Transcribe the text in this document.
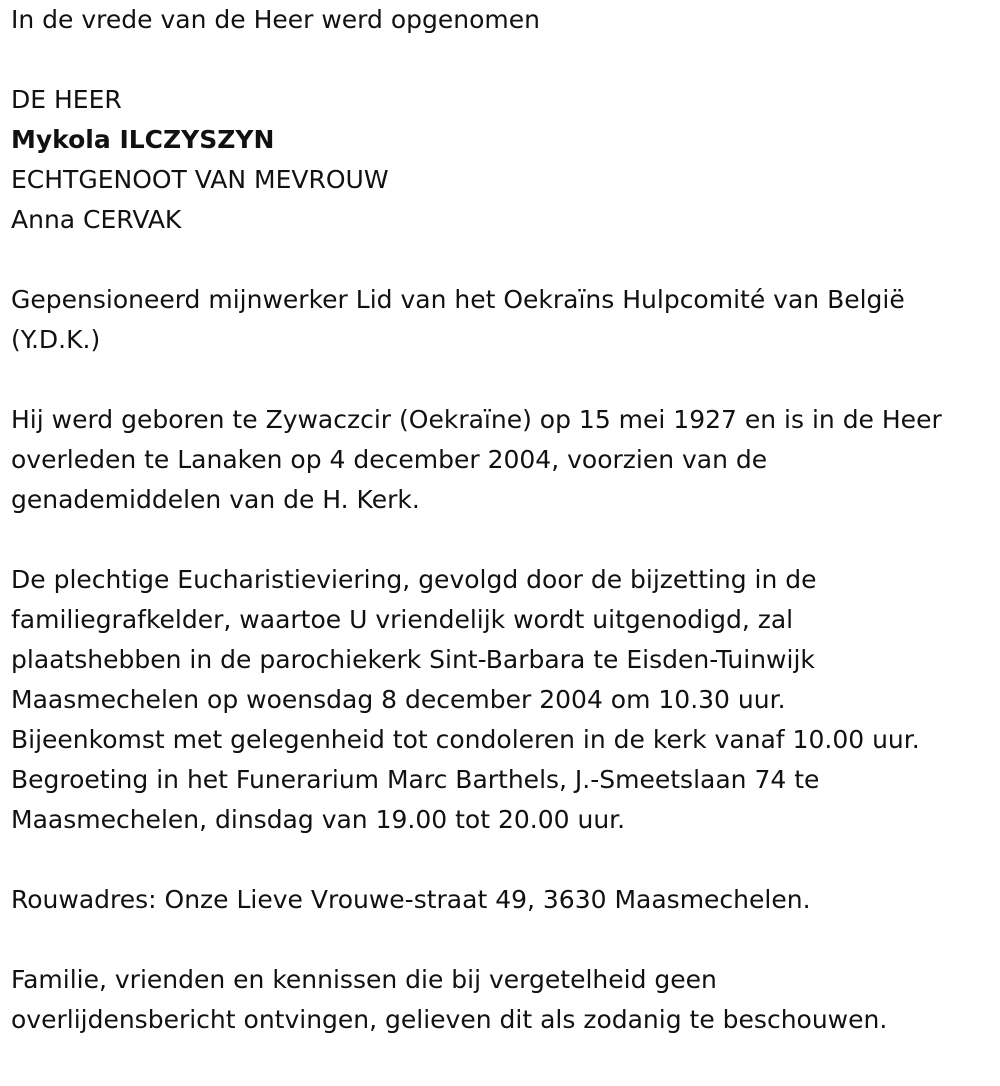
In de vrede van de Heer werd opgenomen

DE HEER

Mykola ILCZYSZYN

ECHTGENOOT VAN MEVROUW

Anna CERVAK

Gepensioneerd mijnwerker Lid van het Oekraïns Hulpcomité van België

(Y.D.K.)

Hij werd geboren te Zywaczcir (Oekraïne) op 15 mei 1927 en is in de Heer

overleden te Lanaken op 4 december 2004, voorzien van de

genademiddelen van de H. Kerk.

De plechtige Eucharistieviering, gevolgd door de bijzetting in de

familiegrafkelder, waartoe U vriendelijk wordt uitgenodigd, zal

plaatshebben in de parochiekerk Sint-Barbara te Eisden-Tuinwijk

Maasmechelen op woensdag 8 december 2004 om 10.30 uur.

Bijeenkomst met gelegenheid tot condoleren in de kerk vanaf 10.00 uur.

Begroeting in het Funerarium Marc Barthels, J.-Smeetslaan 74 te

Maasmechelen, dinsdag van 19.00 tot 20.00 uur.

Rouwadres: Onze Lieve Vrouwe-straat 49, 3630 Maasmechelen.

Familie, vrienden en kennissen die bij vergetelheid geen

overlijdensbericht ontvingen, gelieven dit als zodanig te beschouwen.
